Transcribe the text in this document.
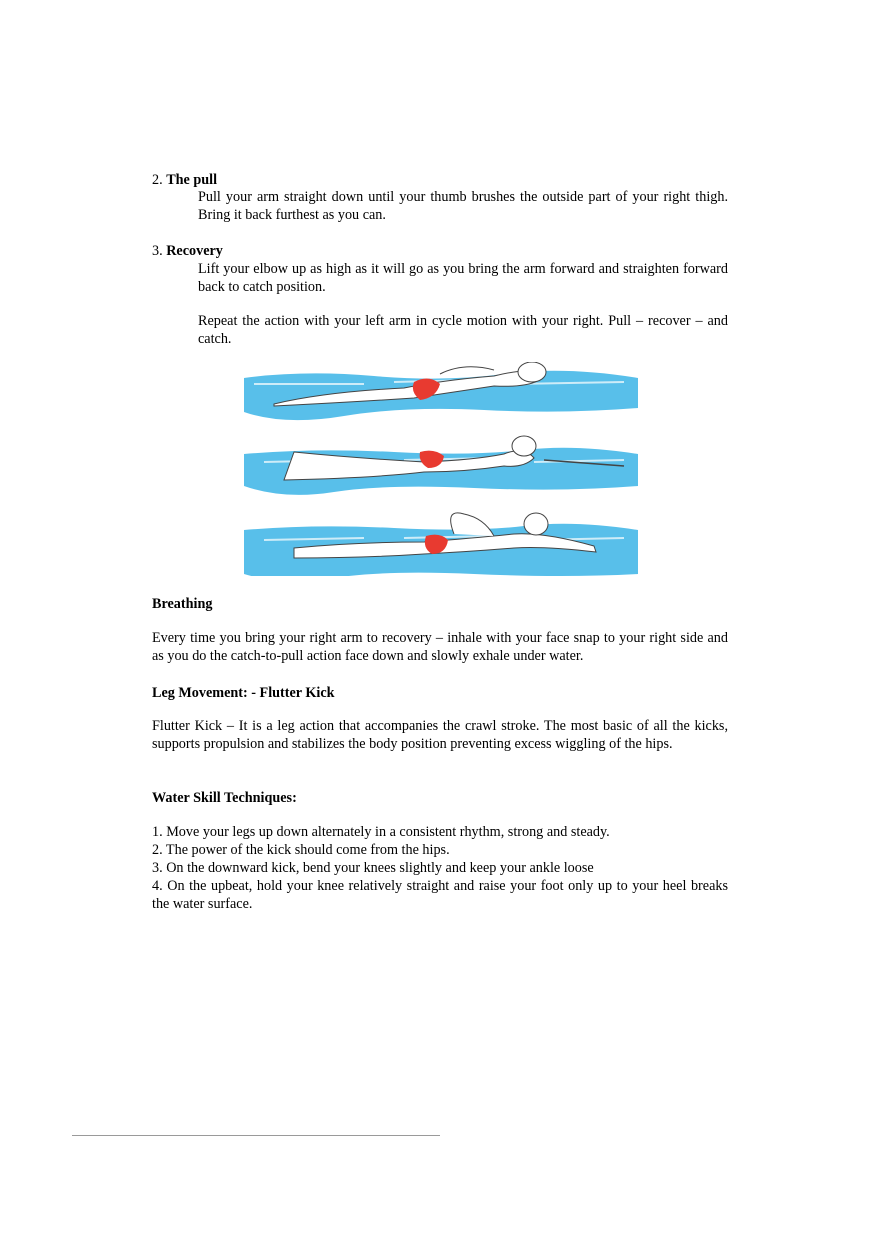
2. The pull
Pull your arm straight down until your thumb brushes the outside part of your right thigh. Bring it back furthest as you can.
3. Recovery
Lift your elbow up as high as it will go as you bring the arm forward and straighten forward back to catch position.
Repeat the action with your left arm in cycle motion with your right. Pull – recover – and catch.
Breathing
Every time you bring your right arm to recovery – inhale with your face snap to your right side and as you do the catch-to-pull action face down and slowly exhale under water.
Leg Movement: - Flutter Kick
Flutter Kick – It is a leg action that accompanies the crawl stroke. The most basic of all the kicks, supports propulsion and stabilizes the body position preventing excess wiggling of the hips.
Water Skill Techniques:
1. Move your legs up down alternately in a consistent rhythm, strong and steady.
2. The power of the kick should come from the hips.
3. On the downward kick, bend your knees slightly and keep your ankle loose
4. On the upbeat, hold your knee relatively straight and raise your foot only up to your heel breaks the water surface.
